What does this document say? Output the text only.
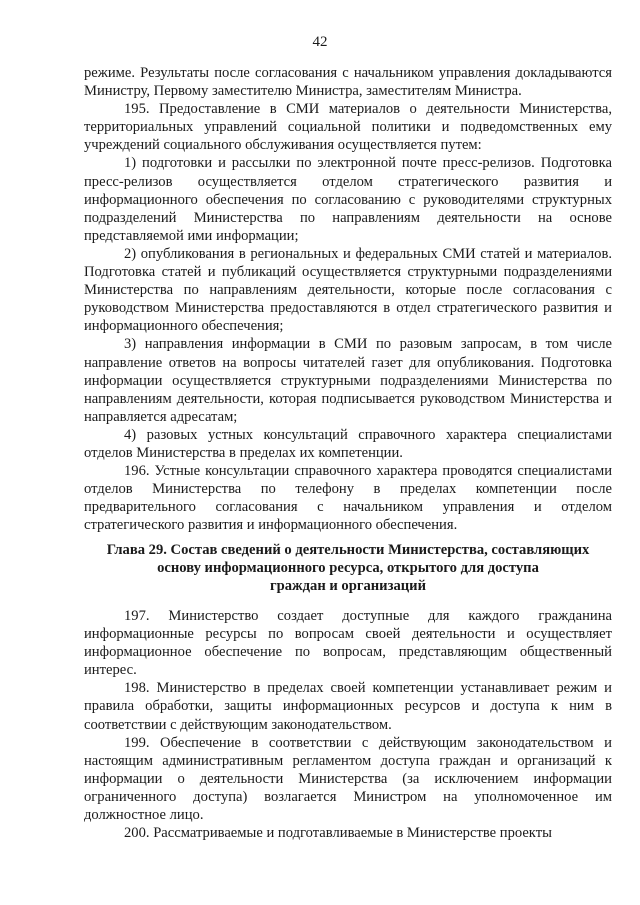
42

режиме. Результаты после согласования с начальником управления докладываются Министру, Первому заместителю Министра, заместителям Министра.

195. Предоставление в СМИ материалов о деятельности Министерства, территориальных управлений социальной политики и подведомственных ему учреждений социального обслуживания осуществляется путем:

1) подготовки и рассылки по электронной почте пресс-релизов. Подготовка пресс-релизов осуществляется отделом стратегического развития и информационного обеспечения по согласованию с руководителями структурных подразделений Министерства по направлениям деятельности на основе представляемой ими информации;

2) опубликования в региональных и федеральных СМИ статей и материалов. Подготовка статей и публикаций осуществляется структурными подразделениями Министерства по направлениям деятельности, которые после согласования с руководством Министерства предоставляются в отдел стратегического развития и информационного обеспечения;

3) направления информации в СМИ по разовым запросам, в том числе направление ответов на вопросы читателей газет для опубликования. Подготовка информации осуществляется структурными подразделениями Министерства по направлениям деятельности, которая подписывается руководством Министерства и направляется адресатам;

4) разовых устных консультаций справочного характера специалистами отделов Министерства в пределах их компетенции.

196. Устные консультации справочного характера проводятся специалистами отделов Министерства по телефону в пределах компетенции после предварительного согласования с начальником управления и отделом стратегического развития и информационного обеспечения.

Глава 29. Состав сведений о деятельности Министерства, составляющих
основу информационного ресурса, открытого для доступа
граждан и организаций

197. Министерство создает доступные для каждого гражданина информационные ресурсы по вопросам своей деятельности и осуществляет информационное обеспечение по вопросам, представляющим общественный интерес.

198. Министерство в пределах своей компетенции устанавливает режим и правила обработки, защиты информационных ресурсов и доступа к ним в соответствии с действующим законодательством.

199. Обеспечение в соответствии с действующим законодательством и настоящим административным регламентом доступа граждан и организаций к информации о деятельности Министерства (за исключением информации ограниченного доступа) возлагается Министром на уполномоченное им должностное лицо.

200. Рассматриваемые и подготавливаемые в Министерстве проекты
